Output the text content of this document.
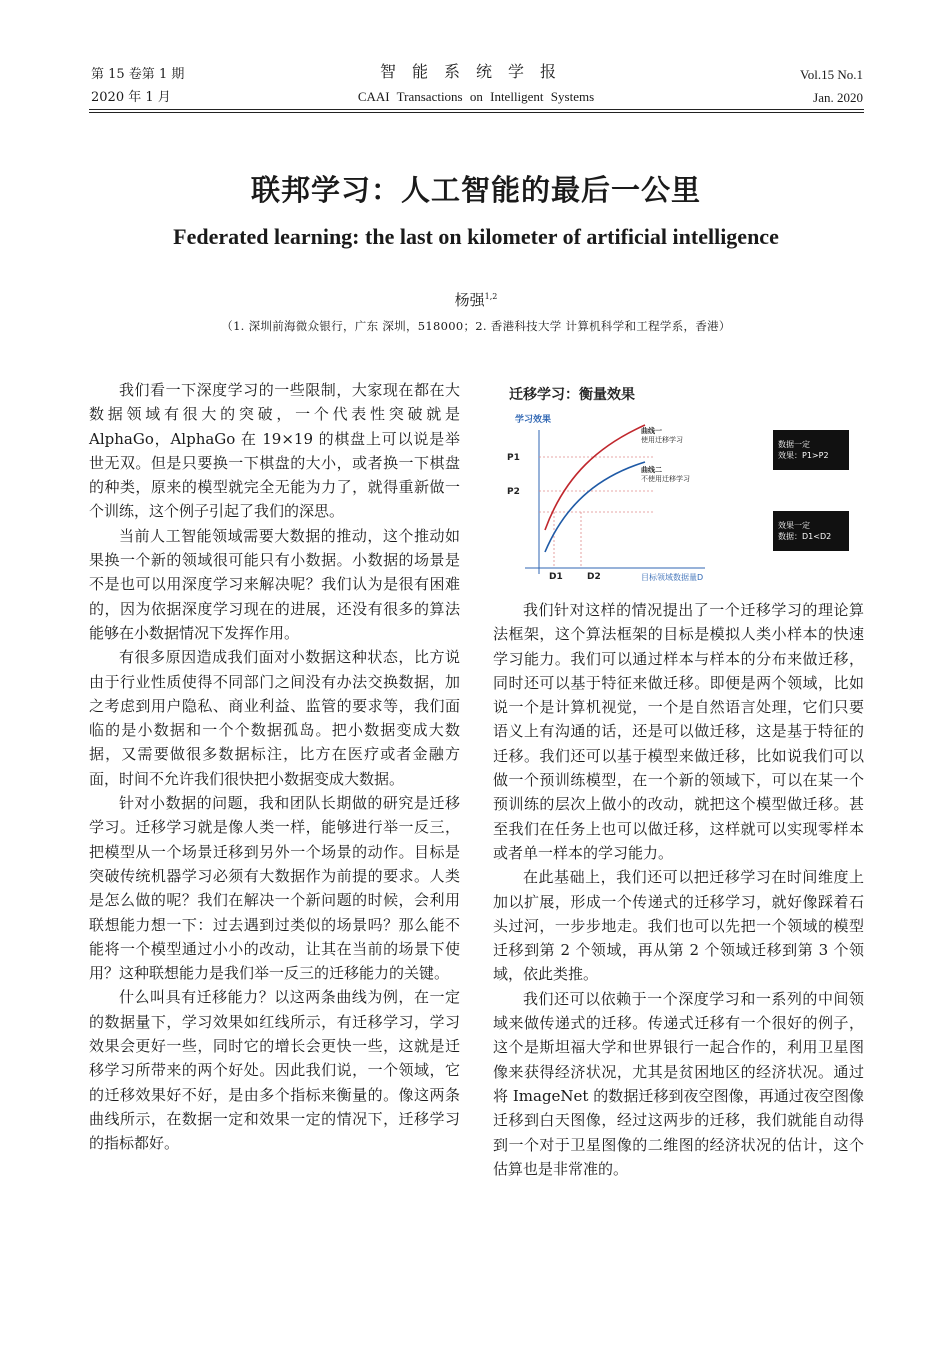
第 15 卷第 1 期
2020 年 1 月
智能系统学报
CAAI Transactions on Intelligent Systems
Vol.15 No.1
Jan. 2020
联邦学习：人工智能的最后一公里
Federated learning: the last on kilometer of artificial intelligence
杨强$^{1,2}$
（1. 深圳前海微众银行，广东 深圳，518000；2. 香港科技大学 计算机科学和工程学系，香港）

我们看一下深度学习的一些限制，大家现在都在大数据领域有很大的突破，一个代表性突破就是 AlphaGo，AlphaGo 在 19×19 的棋盘上可以说是举世无双。但是只要换一下棋盘的大小，或者换一下棋盘的种类，原来的模型就完全无能为力了，就得重新做一个训练，这个例子引起了我们的深思。

当前人工智能领域需要大数据的推动，这个推动如果换一个新的领域很可能只有小数据。小数据的场景是不是也可以用深度学习来解决呢？我们认为是很有困难的，因为依据深度学习现在的进展，还没有很多的算法能够在小数据情况下发挥作用。

有很多原因造成我们面对小数据这种状态，比方说由于行业性质使得不同部门之间没有办法交换数据，加之考虑到用户隐私、商业利益、监管的要求等，我们面临的是小数据和一个个数据孤岛。把小数据变成大数据，又需要做很多数据标注，比方在医疗或者金融方面，时间不允许我们很快把小数据变成大数据。

针对小数据的问题，我和团队长期做的研究是迁移学习。迁移学习就是像人类一样，能够进行举一反三，把模型从一个场景迁移到另外一个场景的动作。目标是突破传统机器学习必须有大数据作为前提的要求。人类是怎么做的呢？我们在解决一个新问题的时候，会利用联想能力想一下：过去遇到过类似的场景吗？那么能不能将一个模型通过小小的改动，让其在当前的场景下使用？这种联想能力是我们举一反三的迁移能力的关键。

什么叫具有迁移能力？以这两条曲线为例，在一定的数据量下，学习效果如红线所示，有迁移学习，学习效果会更好一些，同时它的增长会更快一些，这就是迁移学习所带来的两个好处。因此我们说，一个领域，它的迁移效果好不好，是由多个指标来衡量的。像这两条曲线所示，在数据一定和效果一定的情况下，迁移学习的指标都好。

迁移学习：衡量效果
学习效果
P1
P2
D1	D2	目标领域数据量D
曲线一
使用迁移学习
曲线二
不使用迁移学习
数据一定
效果：P1>P2
效果一定
数据：D1<D2

我们针对这样的情况提出了一个迁移学习的理论算法框架，这个算法框架的目标是模拟人类小样本的快速学习能力。我们可以通过样本与样本的分布来做迁移，同时还可以基于特征来做迁移。即便是两个领域，比如说一个是计算机视觉，一个是自然语言处理，它们只要语义上有沟通的话，还是可以做迁移，这是基于特征的迁移。我们还可以基于模型来做迁移，比如说我们可以做一个预训练模型，在一个新的领域下，可以在某一个预训练的层次上做小的改动，就把这个模型做迁移。甚至我们在任务上也可以做迁移，这样就可以实现零样本或者单一样本的学习能力。

在此基础上，我们还可以把迁移学习在时间维度上加以扩展，形成一个传递式的迁移学习，就好像踩着石头过河，一步步地走。我们也可以先把一个领域的模型迁移到第 2 个领域，再从第 2 个领域迁移到第 3 个领域，依此类推。

我们还可以依赖于一个深度学习和一系列的中间领域来做传递式的迁移。传递式迁移有一个很好的例子，这个是斯坦福大学和世界银行一起合作的，利用卫星图像来获得经济状况，尤其是贫困地区的经济状况。通过将 ImageNet 的数据迁移到夜空图像，再通过夜空图像迁移到白天图像，经过这两步的迁移，我们就能自动得到一个对于卫星图像的二维图的经济状况的估计，这个估算也是非常准的。
